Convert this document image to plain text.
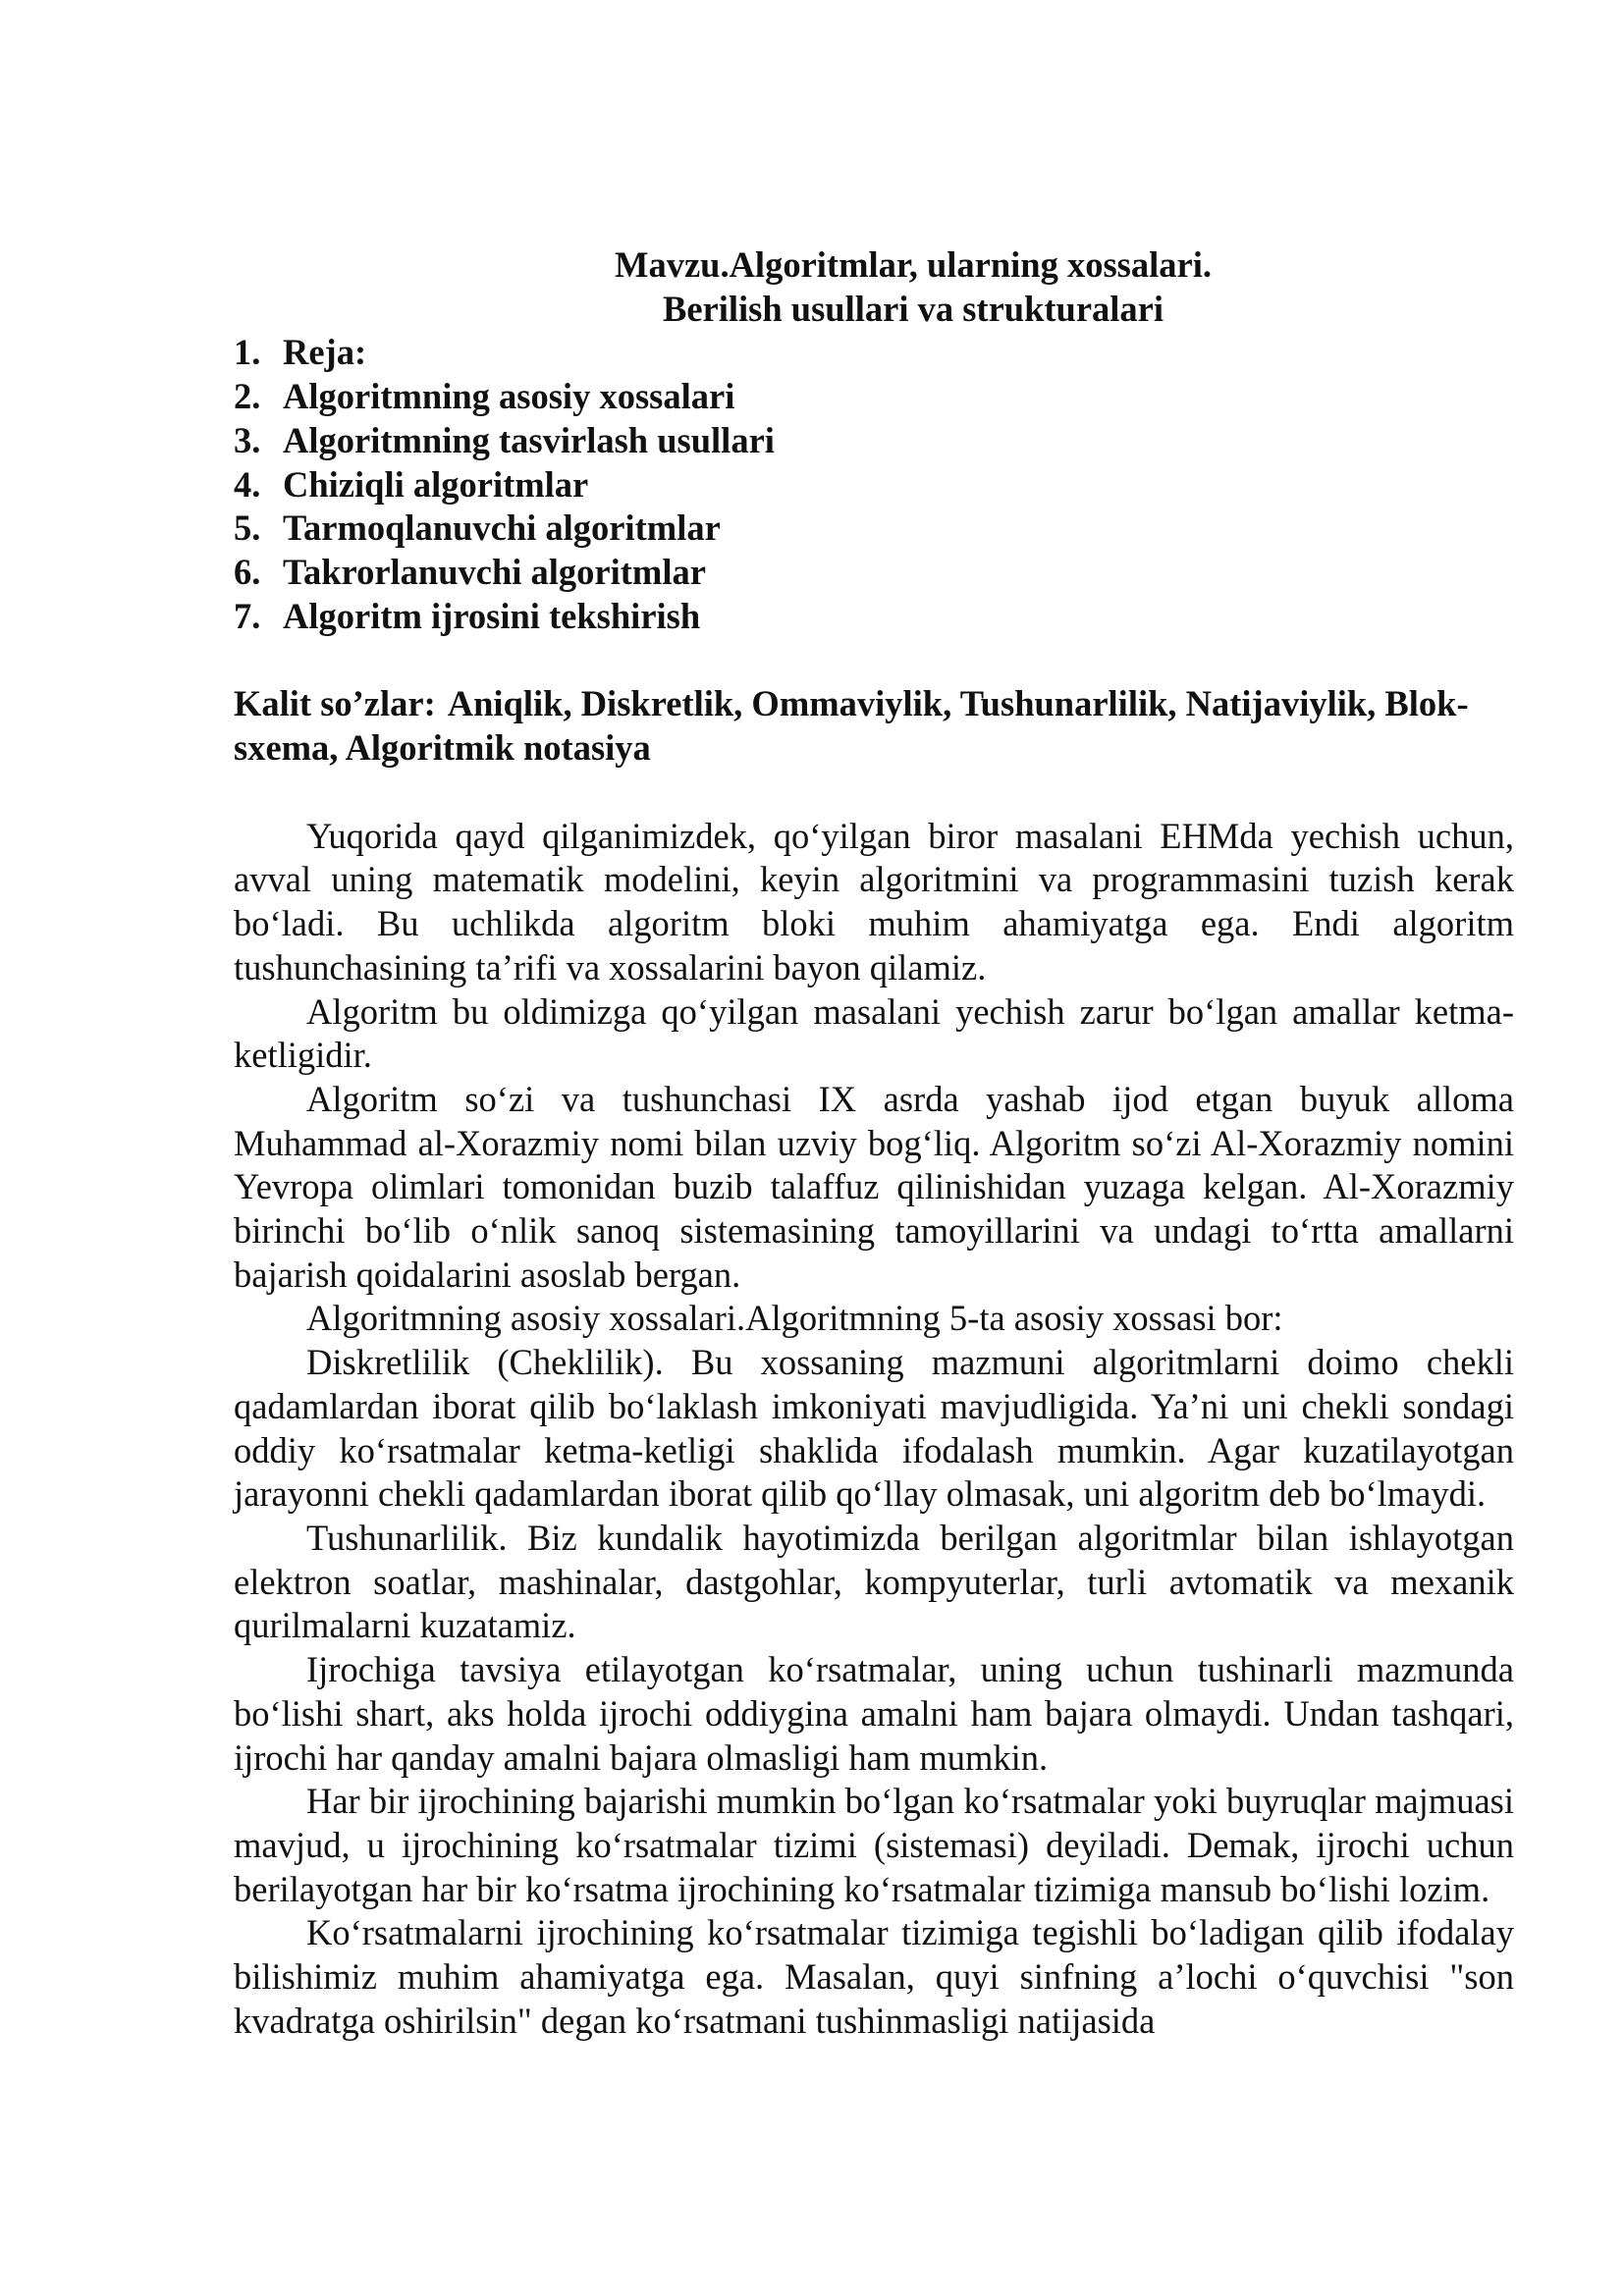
Mavzu.Algoritmlar, ularning xossalari.
Berilish usullari va strukturalari
1. Reja:
2. Algoritmning asosiy xossalari
3. Algoritmning tasvirlash usullari
4. Chiziqli algoritmlar
5. Tarmoqlanuvchi algoritmlar
6. Takrorlanuvchi algoritmlar
7. Algoritm ijrosini tekshirish

Kalit so’zlar: Aniqlik, Diskretlik, Ommaviylik, Tushunarlilik, Natijaviylik, Blok-sxema, Algoritmik notasiya

Yuqorida qayd qilganimizdek, qo‘yilgan biror masalani EHMda yechish uchun, avval uning matematik modelini, keyin algoritmini va programmasini tuzish kerak bo‘ladi. Bu uchlikda algoritm bloki muhim ahamiyatga ega. Endi algoritm tushunchasining ta’rifi va xossalarini bayon qilamiz.

Algoritm bu oldimizga qo‘yilgan masalani yechish zarur bo‘lgan amallar ketma-ketligidir.

Algoritm so‘zi va tushunchasi IX asrda yashab ijod etgan buyuk alloma Muhammad al-Xorazmiy nomi bilan uzviy bog‘liq. Algoritm so‘zi Al-Xorazmiy nomini Yevropa olimlari tomonidan buzib talaffuz qilinishidan yuzaga kelgan. Al-Xorazmiy birinchi bo‘lib o‘nlik sanoq sistemasining tamoyillarini va undagi to‘rtta amallarni bajarish qoidalarini asoslab bergan.

Algoritmning asosiy xossalari.Algoritmning 5-ta asosiy xossasi bor:

Diskretlilik (Cheklilik). Bu xossaning mazmuni algoritmlarni doimo chekli qadamlardan iborat qilib bo‘laklash imkoniyati mavjudligida. Ya’ni uni chekli sondagi oddiy ko‘rsatmalar ketma-ketligi shaklida ifodalash mumkin. Agar kuzatilayotgan jarayonni chekli qadamlardan iborat qilib qo‘llay olmasak, uni algoritm deb bo‘lmaydi.

Tushunarlilik. Biz kundalik hayotimizda berilgan algoritmlar bilan ishlayotgan elektron soatlar, mashinalar, dastgohlar, kompyuterlar, turli avtomatik va mexanik qurilmalarni kuzatamiz.

Ijrochiga tavsiya etilayotgan ko‘rsatmalar, uning uchun tushinarli mazmunda bo‘lishi shart, aks holda ijrochi oddiygina amalni ham bajara olmaydi. Undan tashqari, ijrochi har qanday amalni bajara olmasligi ham mumkin.

Har bir ijrochining bajarishi mumkin bo‘lgan ko‘rsatmalar yoki buyruqlar majmuasi mavjud, u ijrochining ko‘rsatmalar tizimi (sistemasi) deyiladi. Demak, ijrochi uchun berilayotgan har bir ko‘rsatma ijrochining ko‘rsatmalar tizimiga mansub bo‘lishi lozim.

Ko‘rsatmalarni ijrochining ko‘rsatmalar tizimiga tegishli bo‘ladigan qilib ifodalay bilishimiz muhim ahamiyatga ega. Masalan, quyi sinfning a’lochi o‘quvchisi "son kvadratga oshirilsin" degan ko‘rsatmani tushinmasligi natijasida
